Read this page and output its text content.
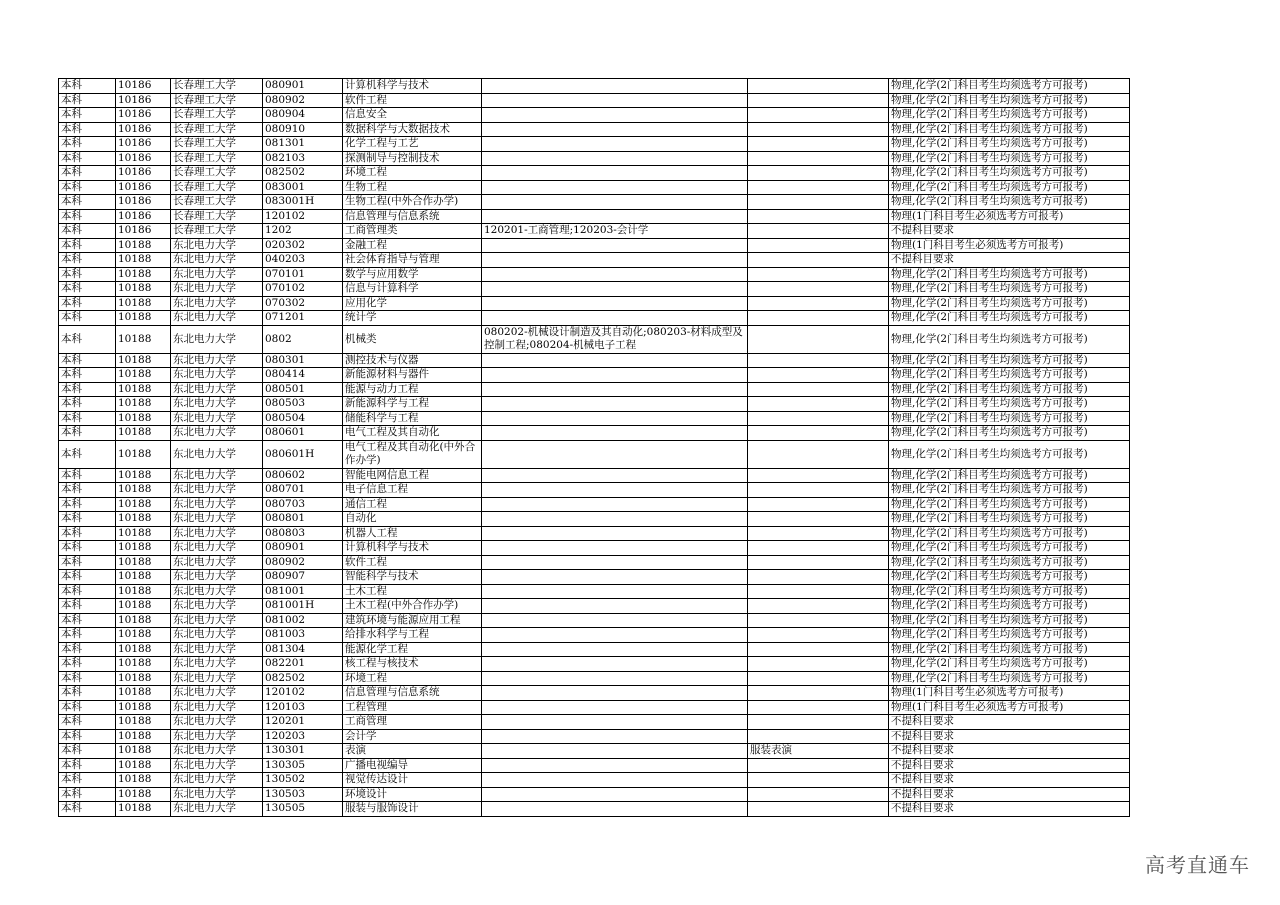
本科	10186	长春理工大学	080901	计算机科学与技术			物理,化学(2门科目考生均须选考方可报考)
本科	10186	长春理工大学	080902	软件工程			物理,化学(2门科目考生均须选考方可报考)
本科	10186	长春理工大学	080904	信息安全			物理,化学(2门科目考生均须选考方可报考)
本科	10186	长春理工大学	080910	数据科学与大数据技术			物理,化学(2门科目考生均须选考方可报考)
本科	10186	长春理工大学	081301	化学工程与工艺			物理,化学(2门科目考生均须选考方可报考)
本科	10186	长春理工大学	082103	探测制导与控制技术			物理,化学(2门科目考生均须选考方可报考)
本科	10186	长春理工大学	082502	环境工程			物理,化学(2门科目考生均须选考方可报考)
本科	10186	长春理工大学	083001	生物工程			物理,化学(2门科目考生均须选考方可报考)
本科	10186	长春理工大学	083001H	生物工程(中外合作办学)			物理,化学(2门科目考生均须选考方可报考)
本科	10186	长春理工大学	120102	信息管理与信息系统			物理(1门科目考生必须选考方可报考)
本科	10186	长春理工大学	1202	工商管理类	120201-工商管理;120203-会计学		不提科目要求
本科	10188	东北电力大学	020302	金融工程			物理(1门科目考生必须选考方可报考)
本科	10188	东北电力大学	040203	社会体育指导与管理			不提科目要求
本科	10188	东北电力大学	070101	数学与应用数学			物理,化学(2门科目考生均须选考方可报考)
本科	10188	东北电力大学	070102	信息与计算科学			物理,化学(2门科目考生均须选考方可报考)
本科	10188	东北电力大学	070302	应用化学			物理,化学(2门科目考生均须选考方可报考)
本科	10188	东北电力大学	071201	统计学			物理,化学(2门科目考生均须选考方可报考)
本科	10188	东北电力大学	0802	机械类	080202-机械设计制造及其自动化;080203-材料成型及控制工程;080204-机械电子工程		物理,化学(2门科目考生均须选考方可报考)
本科	10188	东北电力大学	080301	测控技术与仪器			物理,化学(2门科目考生均须选考方可报考)
本科	10188	东北电力大学	080414	新能源材料与器件			物理,化学(2门科目考生均须选考方可报考)
本科	10188	东北电力大学	080501	能源与动力工程			物理,化学(2门科目考生均须选考方可报考)
本科	10188	东北电力大学	080503	新能源科学与工程			物理,化学(2门科目考生均须选考方可报考)
本科	10188	东北电力大学	080504	储能科学与工程			物理,化学(2门科目考生均须选考方可报考)
本科	10188	东北电力大学	080601	电气工程及其自动化			物理,化学(2门科目考生均须选考方可报考)
本科	10188	东北电力大学	080601H	电气工程及其自动化(中外合作办学)			物理,化学(2门科目考生均须选考方可报考)
本科	10188	东北电力大学	080602	智能电网信息工程			物理,化学(2门科目考生均须选考方可报考)
本科	10188	东北电力大学	080701	电子信息工程			物理,化学(2门科目考生均须选考方可报考)
本科	10188	东北电力大学	080703	通信工程			物理,化学(2门科目考生均须选考方可报考)
本科	10188	东北电力大学	080801	自动化			物理,化学(2门科目考生均须选考方可报考)
本科	10188	东北电力大学	080803	机器人工程			物理,化学(2门科目考生均须选考方可报考)
本科	10188	东北电力大学	080901	计算机科学与技术			物理,化学(2门科目考生均须选考方可报考)
本科	10188	东北电力大学	080902	软件工程			物理,化学(2门科目考生均须选考方可报考)
本科	10188	东北电力大学	080907	智能科学与技术			物理,化学(2门科目考生均须选考方可报考)
本科	10188	东北电力大学	081001	土木工程			物理,化学(2门科目考生均须选考方可报考)
本科	10188	东北电力大学	081001H	土木工程(中外合作办学)			物理,化学(2门科目考生均须选考方可报考)
本科	10188	东北电力大学	081002	建筑环境与能源应用工程			物理,化学(2门科目考生均须选考方可报考)
本科	10188	东北电力大学	081003	给排水科学与工程			物理,化学(2门科目考生均须选考方可报考)
本科	10188	东北电力大学	081304	能源化学工程			物理,化学(2门科目考生均须选考方可报考)
本科	10188	东北电力大学	082201	核工程与核技术			物理,化学(2门科目考生均须选考方可报考)
本科	10188	东北电力大学	082502	环境工程			物理,化学(2门科目考生均须选考方可报考)
本科	10188	东北电力大学	120102	信息管理与信息系统			物理(1门科目考生必须选考方可报考)
本科	10188	东北电力大学	120103	工程管理			物理(1门科目考生必须选考方可报考)
本科	10188	东北电力大学	120201	工商管理			不提科目要求
本科	10188	东北电力大学	120203	会计学			不提科目要求
本科	10188	东北电力大学	130301	表演		服装表演	不提科目要求
本科	10188	东北电力大学	130305	广播电视编导			不提科目要求
本科	10188	东北电力大学	130502	视觉传达设计			不提科目要求
本科	10188	东北电力大学	130503	环境设计			不提科目要求
本科	10188	东北电力大学	130505	服装与服饰设计			不提科目要求
高考直通车
